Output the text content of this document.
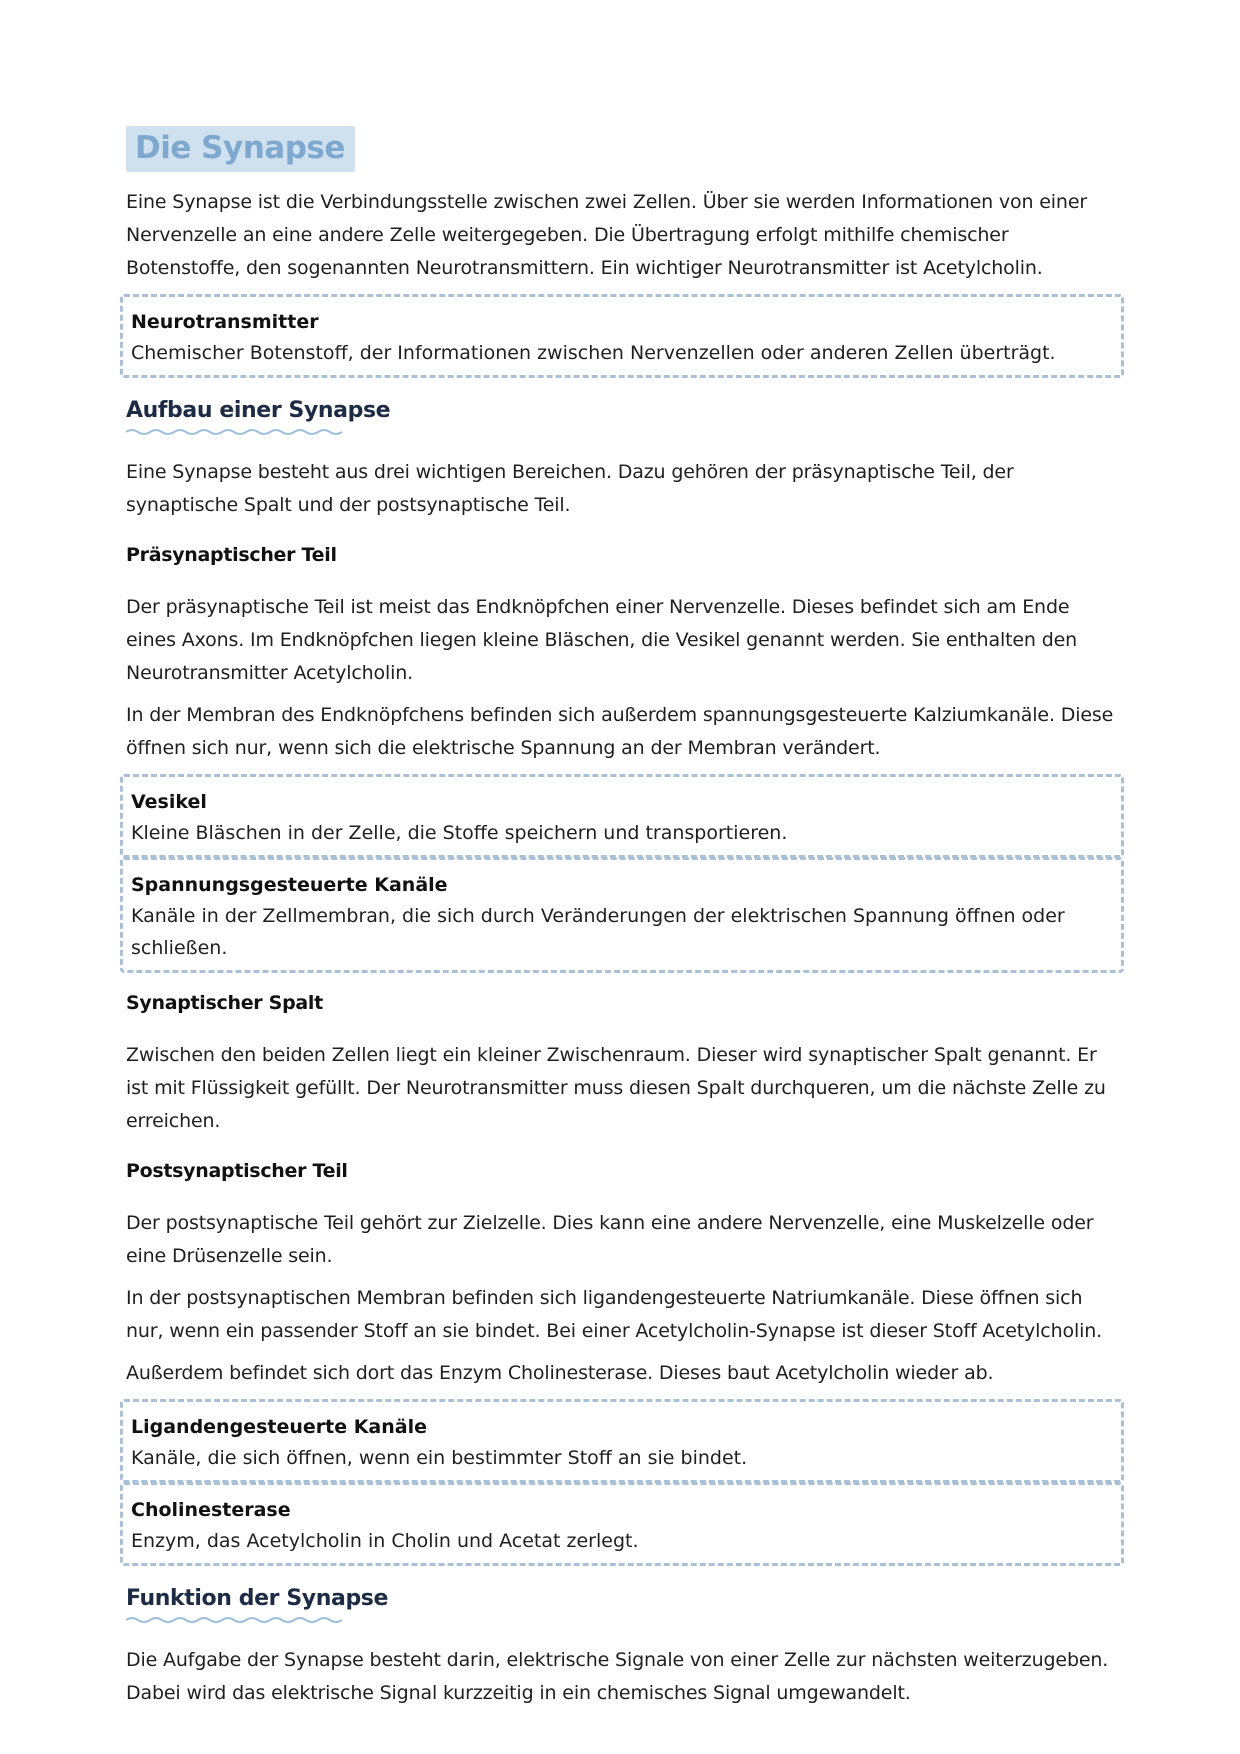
Die Synapse

Eine Synapse ist die Verbindungsstelle zwischen zwei Zellen. Über sie werden Informationen von einer Nervenzelle an eine andere Zelle weitergegeben. Die Übertragung erfolgt mithilfe chemischer Botenstoffe, den sogenannten Neurotransmittern. Ein wichtiger Neurotransmitter ist Acetylcholin.

Neurotransmitter
Chemischer Botenstoff, der Informationen zwischen Nervenzellen oder anderen Zellen überträgt.
Aufbau einer Synapse

Eine Synapse besteht aus drei wichtigen Bereichen. Dazu gehören der präsynaptische Teil, der synaptische Spalt und der postsynaptische Teil.

Präsynaptischer Teil

Der präsynaptische Teil ist meist das Endknöpfchen einer Nervenzelle. Dieses befindet sich am Ende eines Axons. Im Endknöpfchen liegen kleine Bläschen, die Vesikel genannt werden. Sie enthalten den Neurotransmitter Acetylcholin.

In der Membran des Endknöpfchens befinden sich außerdem spannungsgesteuerte Kalziumkanäle. Diese öffnen sich nur, wenn sich die elektrische Spannung an der Membran verändert.

Vesikel
Kleine Bläschen in der Zelle, die Stoffe speichern und transportieren.
Spannungsgesteuerte Kanäle
Kanäle in der Zellmembran, die sich durch Veränderungen der elektrischen Spannung öffnen oder schließen.
Synaptischer Spalt

Zwischen den beiden Zellen liegt ein kleiner Zwischenraum. Dieser wird synaptischer Spalt genannt. Er ist mit Flüssigkeit gefüllt. Der Neurotransmitter muss diesen Spalt durchqueren, um die nächste Zelle zu erreichen.

Postsynaptischer Teil

Der postsynaptische Teil gehört zur Zielzelle. Dies kann eine andere Nervenzelle, eine Muskelzelle oder eine Drüsenzelle sein.

In der postsynaptischen Membran befinden sich ligandengesteuerte Natriumkanäle. Diese öffnen sich nur, wenn ein passender Stoff an sie bindet. Bei einer Acetylcholin-Synapse ist dieser Stoff Acetylcholin.

Außerdem befindet sich dort das Enzym Cholinesterase. Dieses baut Acetylcholin wieder ab.

Ligandengesteuerte Kanäle
Kanäle, die sich öffnen, wenn ein bestimmter Stoff an sie bindet.
Cholinesterase
Enzym, das Acetylcholin in Cholin und Acetat zerlegt.
Funktion der Synapse

Die Aufgabe der Synapse besteht darin, elektrische Signale von einer Zelle zur nächsten weiterzugeben. Dabei wird das elektrische Signal kurzzeitig in ein chemisches Signal umgewandelt.
